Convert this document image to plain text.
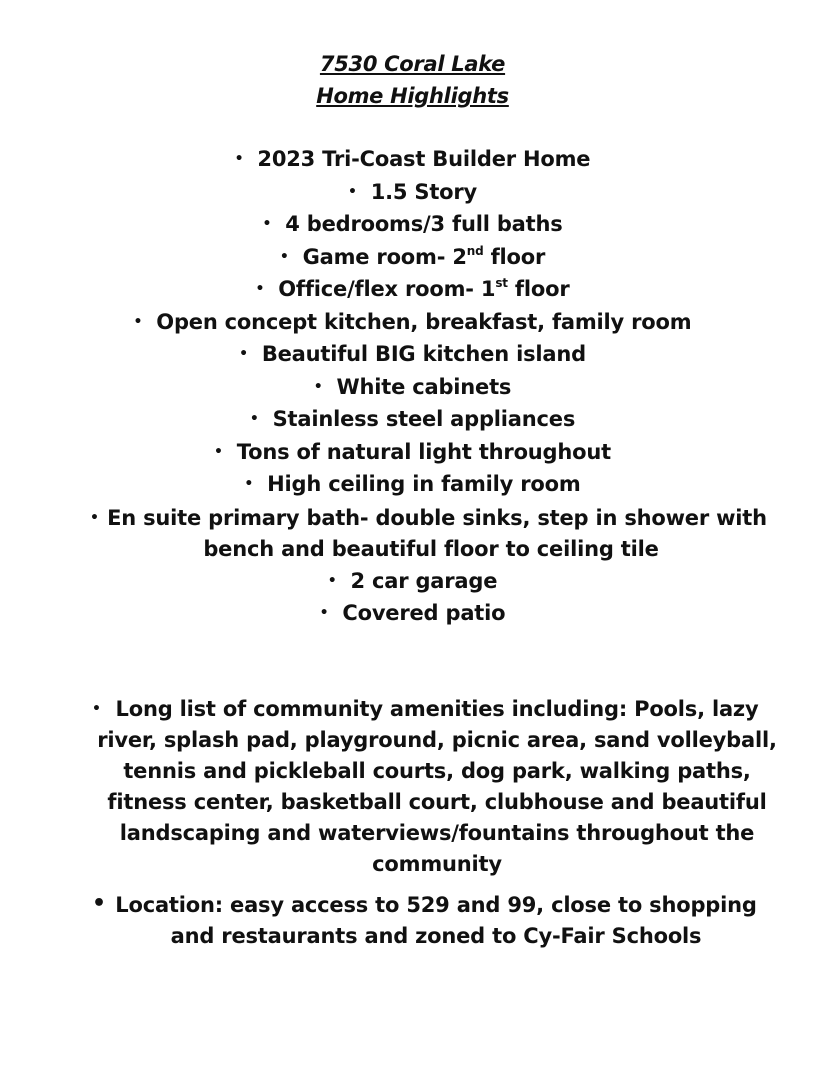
7530 Coral Lake
Home Highlights
• 2023 Tri-Coast Builder Home
• 1.5 Story
• 4 bedrooms/3 full baths
• Game room- 2nd floor
• Office/flex room- 1st floor
• Open concept kitchen, breakfast, family room
• Beautiful BIG kitchen island
• White cabinets
• Stainless steel appliances
• Tons of natural light throughout
• High ceiling in family room
• En suite primary bath- double sinks, step in shower with
bench and beautiful floor to ceiling tile
• 2 car garage
• Covered patio
• Long list of community amenities including: Pools, lazy river, splash pad, playground, picnic area, sand volleyball, tennis and pickleball courts, dog park, walking paths, fitness center, basketball court, clubhouse and beautiful landscaping and waterviews/fountains throughout the community
• Location: easy access to 529 and 99, close to shopping and restaurants and zoned to Cy-Fair Schools
